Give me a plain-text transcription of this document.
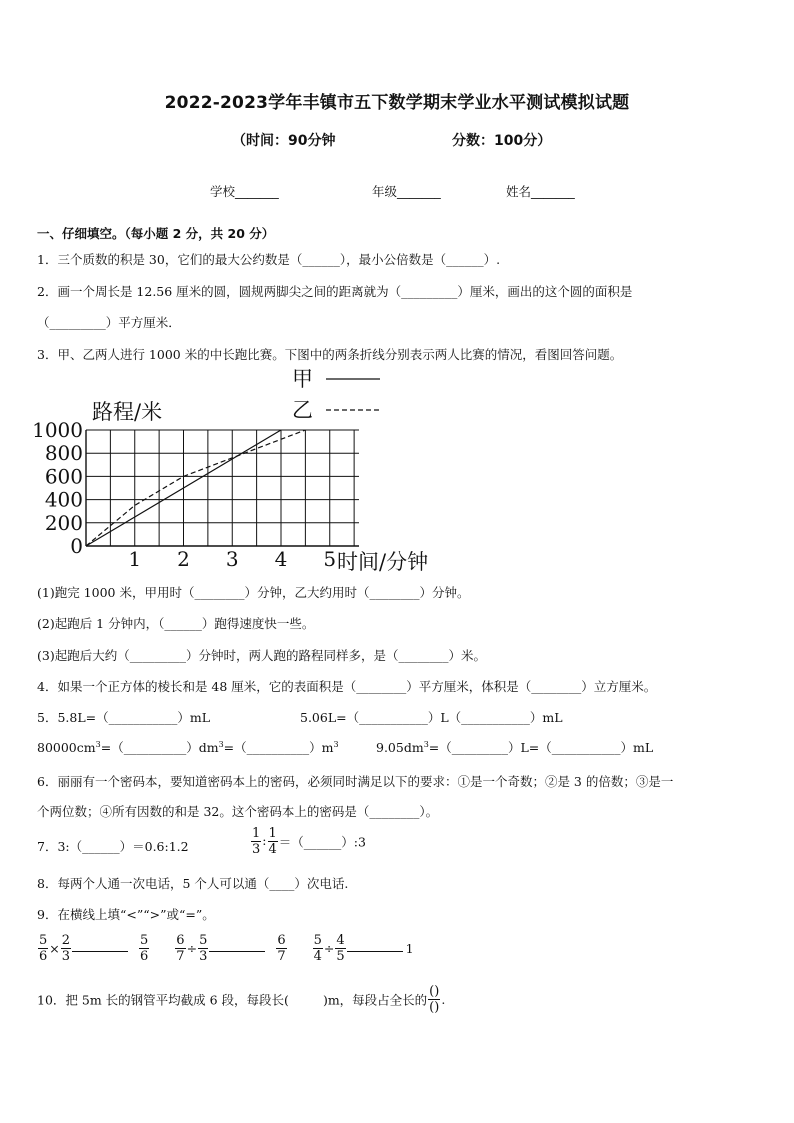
2022-2023学年丰镇市五下数学期末学业水平测试模拟试题
（时间：90分钟	分数：100分）
学校_______	年级_______	姓名_______
一、仔细填空。（每小题 2 分，共 20 分）
1．三个质数的积是 30，它们的最大公约数是（______），最小公倍数是（______）.
2．画一个周长是 12.56 厘米的圆，圆规两脚尖之间的距离就为（_________）厘米，画出的这个圆的面积是
（_________）平方厘米．
3．甲、乙两人进行 1000 米的中长跑比赛。下图中的两条折线分别表示两人比赛的情况，看图回答问题。
0
200
400
600
800
1000
1 2 3 4 5
路程/米
时间/分钟
甲
乙
(1)跑完 1000 米，甲用时（________）分钟，乙大约用时（________）分钟。
(2)起跑后 1 分钟内，（______）跑得速度快一些。
(3)起跑后大约（_________）分钟时，两人跑的路程同样多，是（________）米。
4．如果一个正方体的棱长和是 48 厘米，它的表面积是（________）平方厘米，体积是（________）立方厘米。
5．5.8L=（___________）mL	5.06L=（___________）L（___________）mL
$80000cm^3=(\_\_\_\_\_\_\_\_\_\_)dm^3=(\_\_\_\_\_\_\_\_\_\_)m^3$	$9.05dm^3=(\_\_\_\_\_\_\_\_\_)L=(\_\_\_\_\_\_\_\_\_\_\_)mL$
6．丽丽有一个密码本，要知道密码本上的密码，必须同时满足以下的要求：①是一个奇数；②是 3 的倍数；③是一
个两位数；④所有因数的和是 32。这个密码本上的密码是（________）。
7．3:（______）＝0.6:1.2	$\frac{1}{3}$ : $\frac{1}{4}$ ＝（______）:3
8．每两个人通一次电话，5 个人可以通（____）次电话.
9．在横线上填“<”“>”或“=”。
$\frac{5}{6} \times \frac{2}{3}$	$\frac{5}{6}$
$\frac{6}{7} \div \frac{5}{3}$	$\frac{6}{7}$
$\frac{5}{4} \div \frac{4}{5}$	1
10．把 5m 长的钢管平均截成 6 段，每段长(	)m，每段占全长的 $\frac{()}{()}$ .
